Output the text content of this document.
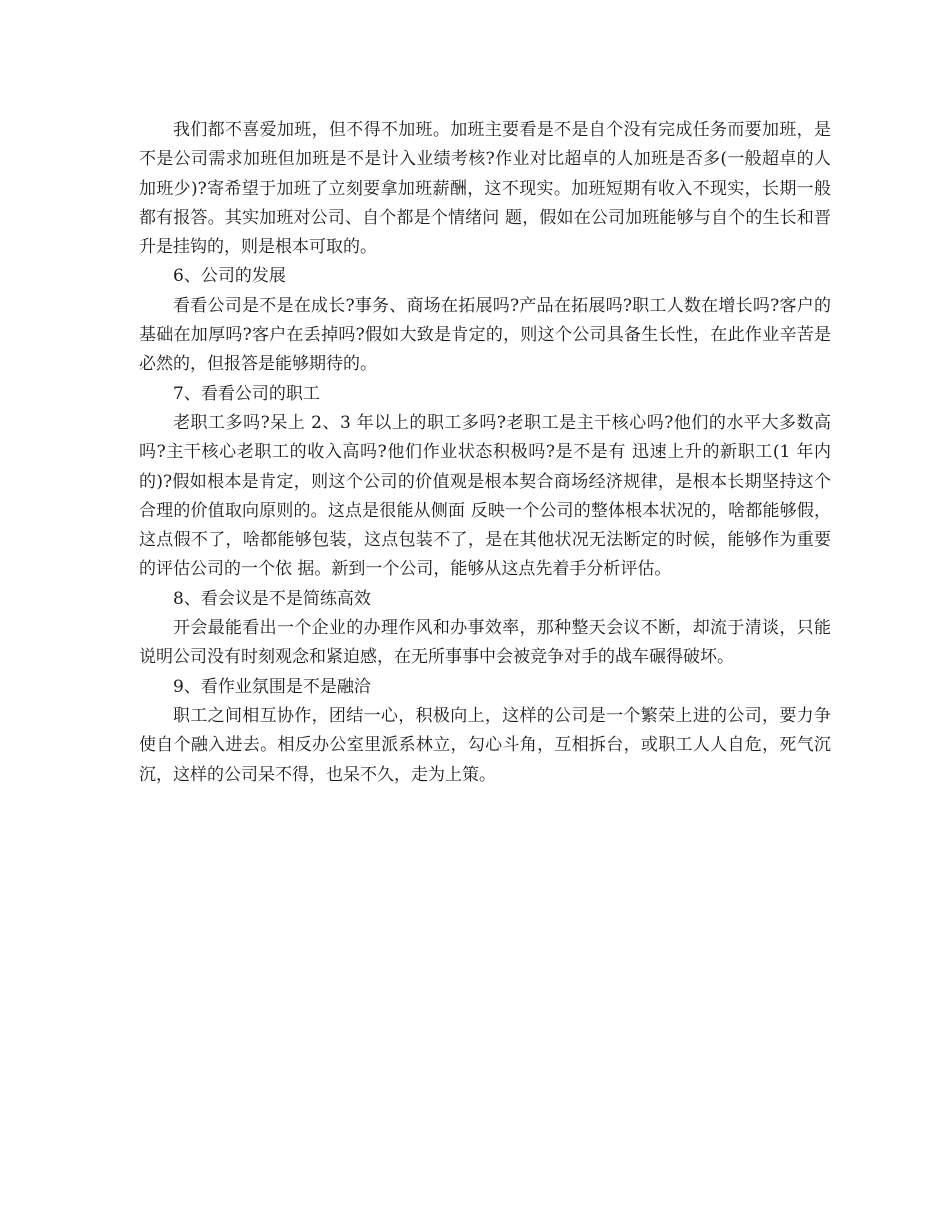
我们都不喜爱加班，但不得不加班。加班主要看是不是自个没有完成任务而要加班，是不是公司需求加班但加班是不是计入业绩考核?作业对比超卓的人加班是否多(一般超卓的人加班少)?寄希望于加班了立刻要拿加班薪酬，这不现实。加班短期有收入不现实，长期一般都有报答。其实加班对公司、自个都是个情绪问 题，假如在公司加班能够与自个的生长和晋升是挂钩的，则是根本可取的。

6、公司的发展

看看公司是不是在成长?事务、商场在拓展吗?产品在拓展吗?职工人数在增长吗?客户的基础在加厚吗?客户在丢掉吗?假如大致是肯定的，则这个公司具备生长性，在此作业辛苦是必然的，但报答是能够期待的。

7、看看公司的职工

老职工多吗?呆上 2、3 年以上的职工多吗?老职工是主干核心吗?他们的水平大多数高吗?主干核心老职工的收入高吗?他们作业状态积极吗?是不是有 迅速上升的新职工(1 年内的)?假如根本是肯定，则这个公司的价值观是根本契合商场经济规律，是根本长期坚持这个合理的价值取向原则的。这点是很能从侧面 反映一个公司的整体根本状况的，啥都能够假，这点假不了，啥都能够包装，这点包装不了，是在其他状况无法断定的时候，能够作为重要的评估公司的一个依 据。新到一个公司，能够从这点先着手分析评估。

8、看会议是不是简练高效

开会最能看出一个企业的办理作风和办事效率，那种整天会议不断，却流于清谈，只能说明公司没有时刻观念和紧迫感，在无所事事中会被竞争对手的战车碾得破坏。

9、看作业氛围是不是融洽

职工之间相互协作，团结一心，积极向上，这样的公司是一个繁荣上进的公司，要力争使自个融入进去。相反办公室里派系林立，勾心斗角，互相拆台，或职工人人自危，死气沉沉，这样的公司呆不得，也呆不久，走为上策。
